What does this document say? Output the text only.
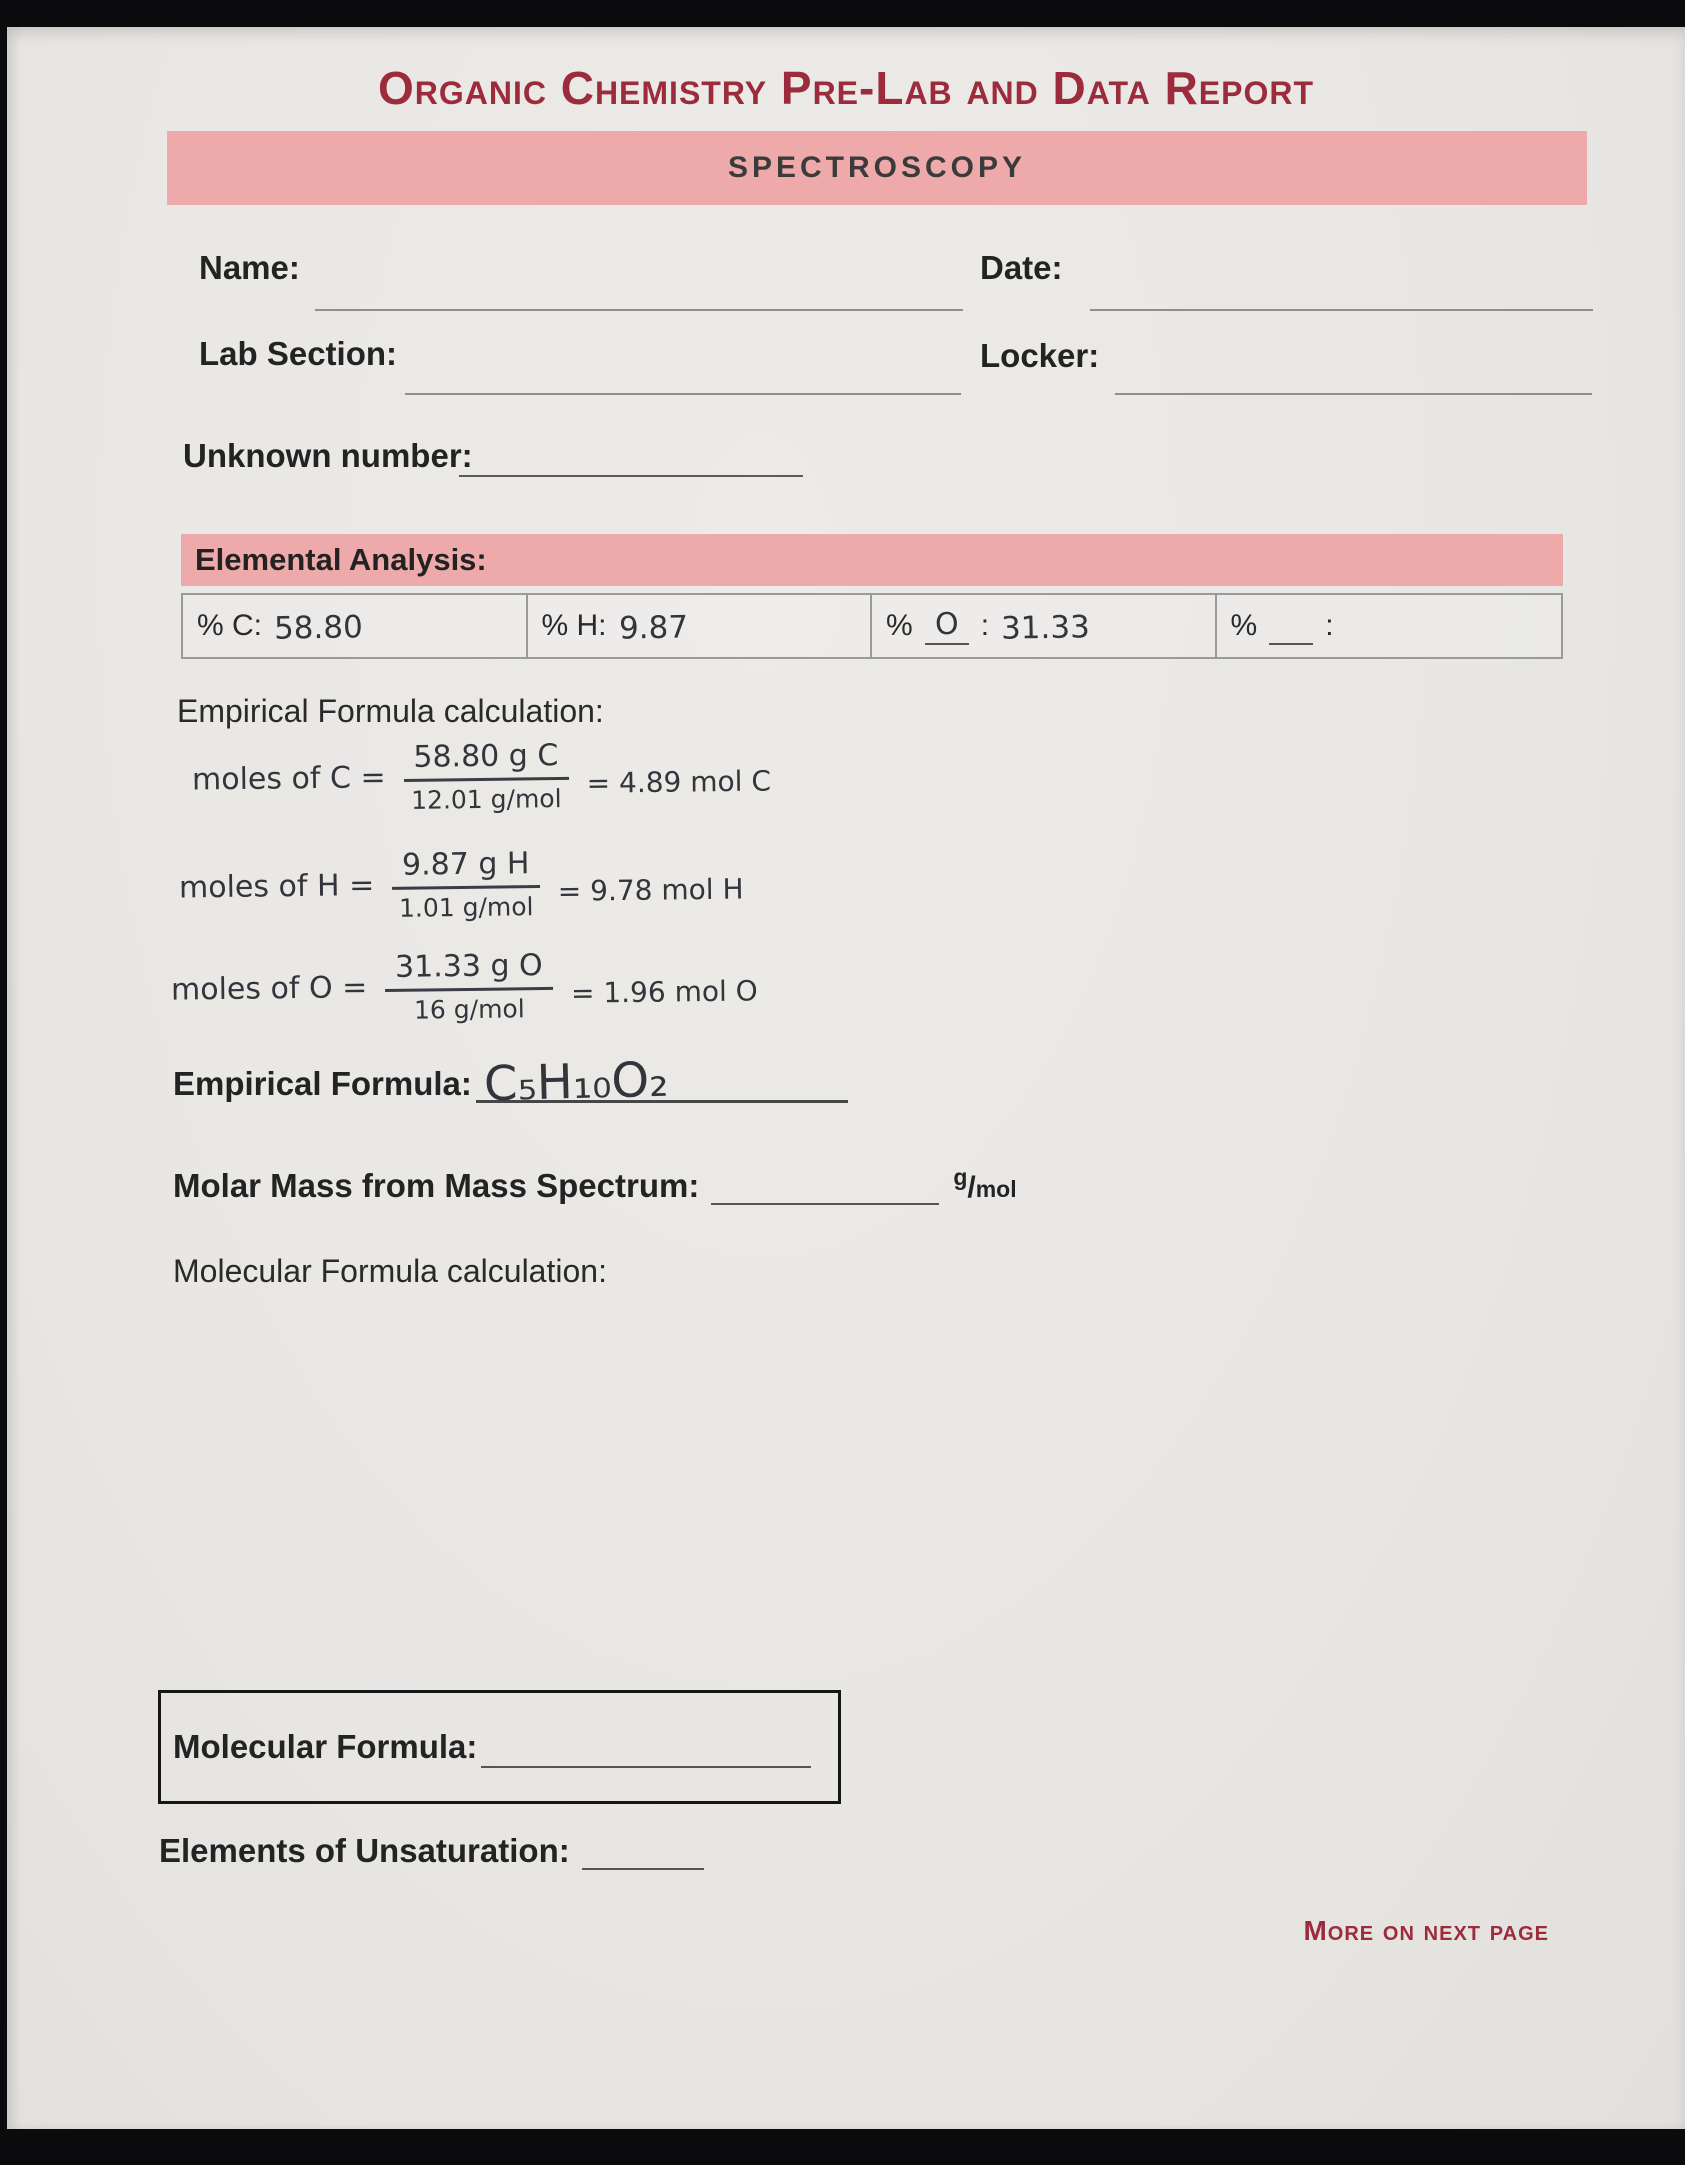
Organic Chemistry Pre-Lab and Data Report
SPECTROSCOPY
Name:	Date:
Lab Section:	Locker:
Unknown number:
Elemental Analysis:
% C: 58.80	% H: 9.87	% O : 31.33	% :
Empirical Formula calculation:
moles of $C = \frac{\text{58.80 g C}}{\text{12.01 g/mol}} = 4.89$ mol C
moles of $H = \frac{\text{9.87 g H}}{\text{1.01 g/mol}} = 9.78$ mol H
moles of $O = \frac{\text{31.33 g O}}{\text{16 g/mol}} = 1.96$ mol O
Empirical Formula: C₅H₁₀O₂
Molar Mass from Mass Spectrum:	$^g$/mol
Molecular Formula calculation:
Molecular Formula:
Elements of Unsaturation:
More on next page
